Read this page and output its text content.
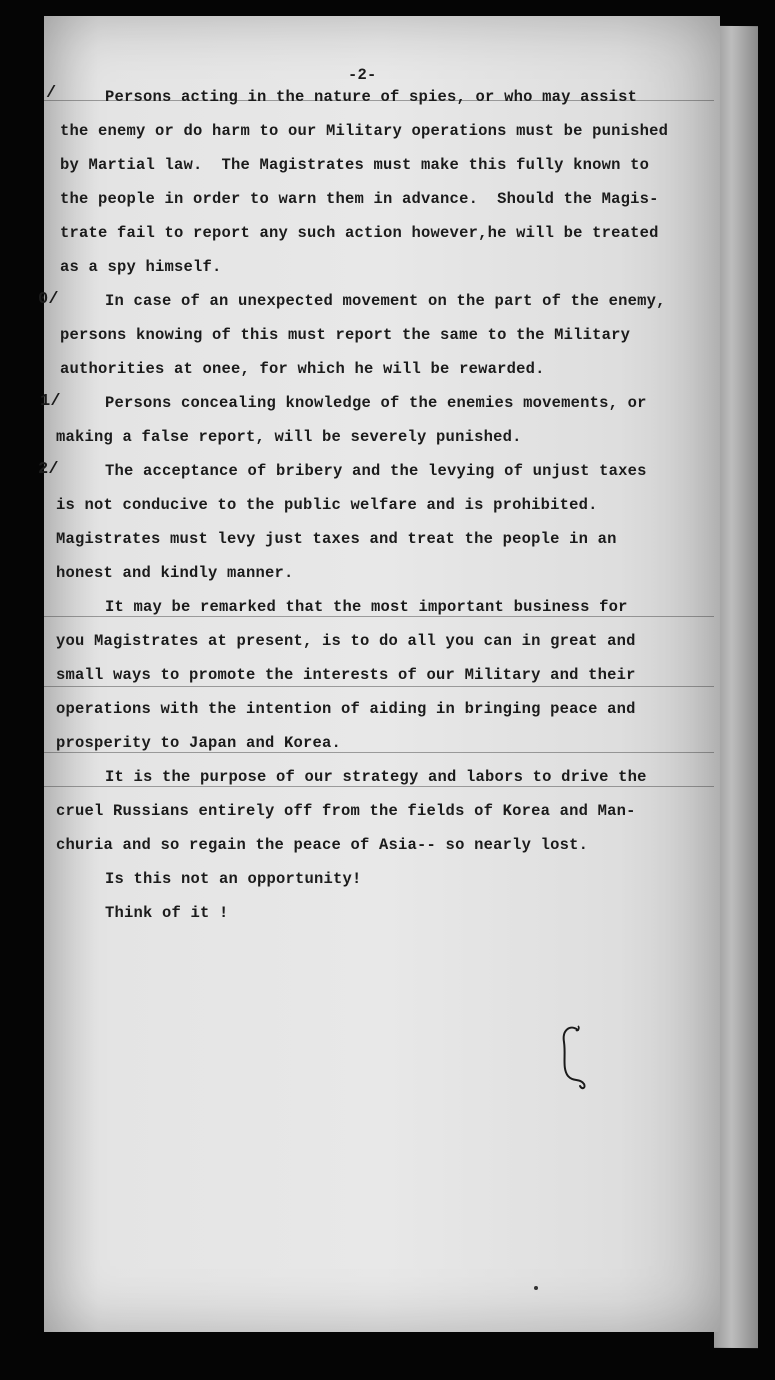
-2-
/
0/
1/
2/
Persons acting in the nature of spies, or who may assist
the enemy or do harm to our Military operations must be punished
by Martial law.  The Magistrates must make this fully known to
the people in order to warn them in advance.  Should the Magis-
trate fail to report any such action however,he will be treated
as a spy himself.
In case of an unexpected movement on the part of the enemy,
persons knowing of this must report the same to the Military
authorities at onee, for which he will be rewarded.
Persons concealing knowledge of the enemies movements, or
making a false report, will be severely punished.
The acceptance of bribery and the levying of unjust taxes
is not conducive to the public welfare and is prohibited.
Magistrates must levy just taxes and treat the people in an
honest and kindly manner.
It may be remarked that the most important business for
you Magistrates at present, is to do all you can in great and
small ways to promote the interests of our Military and their
operations with the intention of aiding in bringing peace and
prosperity to Japan and Korea.
It is the purpose of our strategy and labors to drive the
cruel Russians entirely off from the fields of Korea and Man-
churia and so regain the peace of Asia-- so nearly lost.
Is this not an opportunity!
Think of it !
